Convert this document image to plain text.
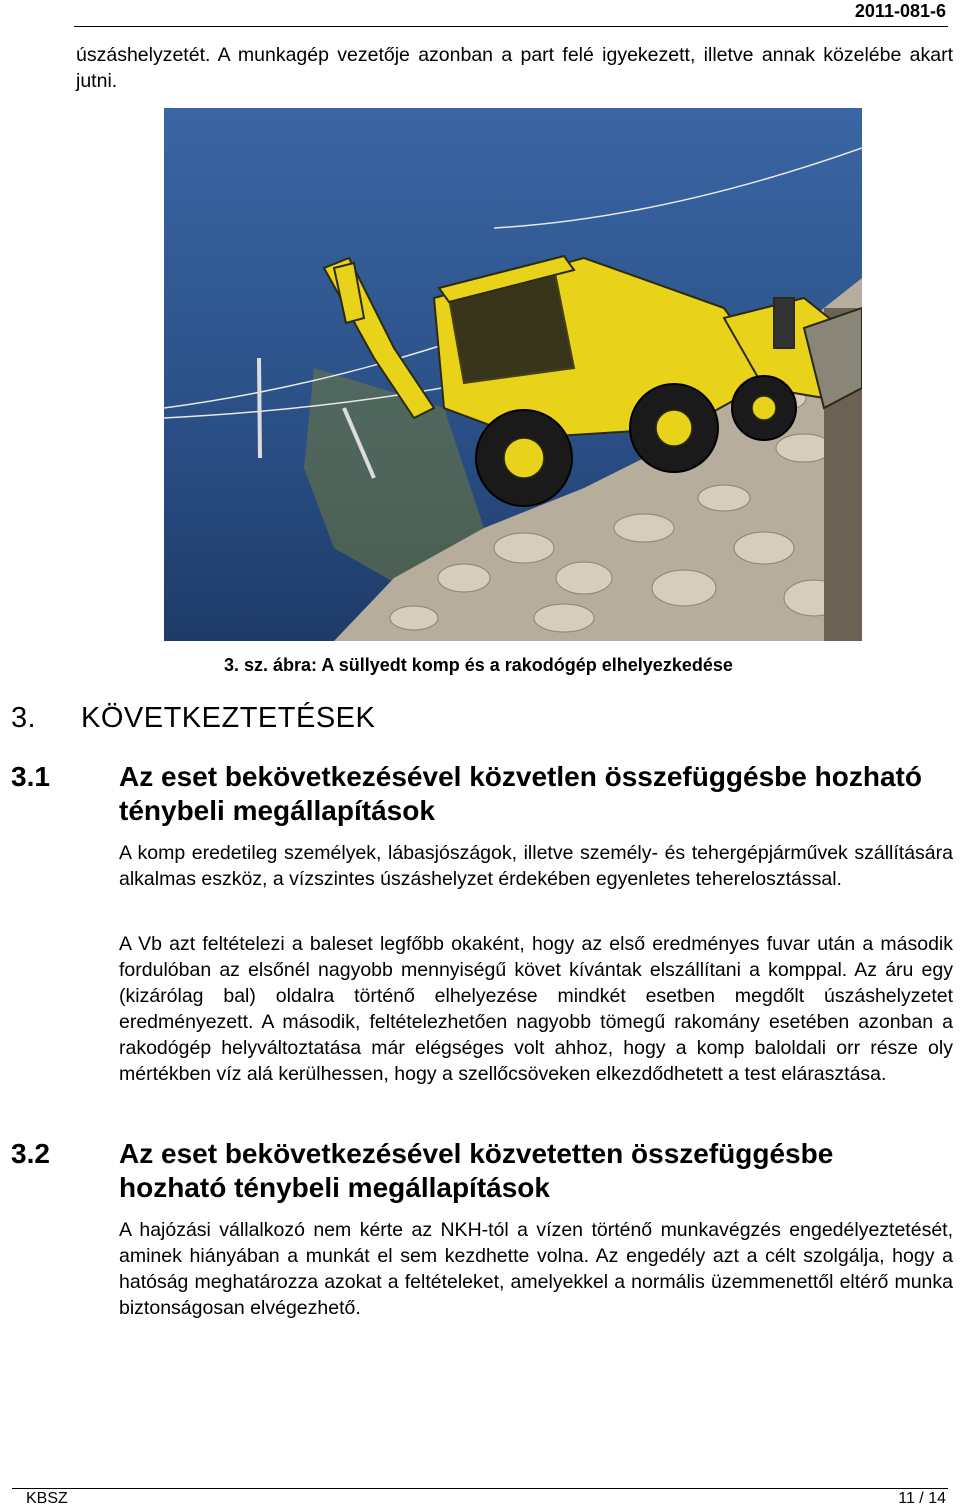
2011-081-6

úszáshelyzetét. A munkagép vezetője azonban a part felé igyekezett, illetve annak közelébe akart jutni.

3. sz. ábra: A süllyedt komp és a rakodógép elhelyezkedése
3. KÖVETKEZTETÉSEK
3.1 Az eset bekövetkezésével közvetlen összefüggésbe hozható ténybeli megállapítások

A komp eredetileg személyek, lábasjószágok, illetve személy- és tehergépjárművek szállítására alkalmas eszköz, a vízszintes úszáshelyzet érdekében egyenletes teherelosztással.

A Vb azt feltételezi a baleset legfőbb okaként, hogy az első eredményes fuvar után a második fordulóban az elsőnél nagyobb mennyiségű követ kívántak elszállítani a komppal. Az áru egy (kizárólag bal) oldalra történő elhelyezése mindkét esetben megdőlt úszáshelyzetet eredményezett. A második, feltételezhetően nagyobb tömegű rakomány esetében azonban a rakodógép helyváltoztatása már elégséges volt ahhoz, hogy a komp baloldali orr része oly mértékben víz alá kerülhessen, hogy a szellőcsöveken elkezdődhetett a test elárasztása.

3.2 Az eset bekövetkezésével közvetetten összefüggésbe hozható ténybeli megállapítások

A hajózási vállalkozó nem kérte az NKH-tól a vízen történő munkavégzés engedélyeztetését, aminek hiányában a munkát el sem kezdhette volna. Az engedély azt a célt szolgálja, hogy a hatóság meghatározza azokat a feltételeket, amelyekkel a normális üzemmenettől eltérő munka biztonságosan elvégezhető.

KBSZ	11 / 14
